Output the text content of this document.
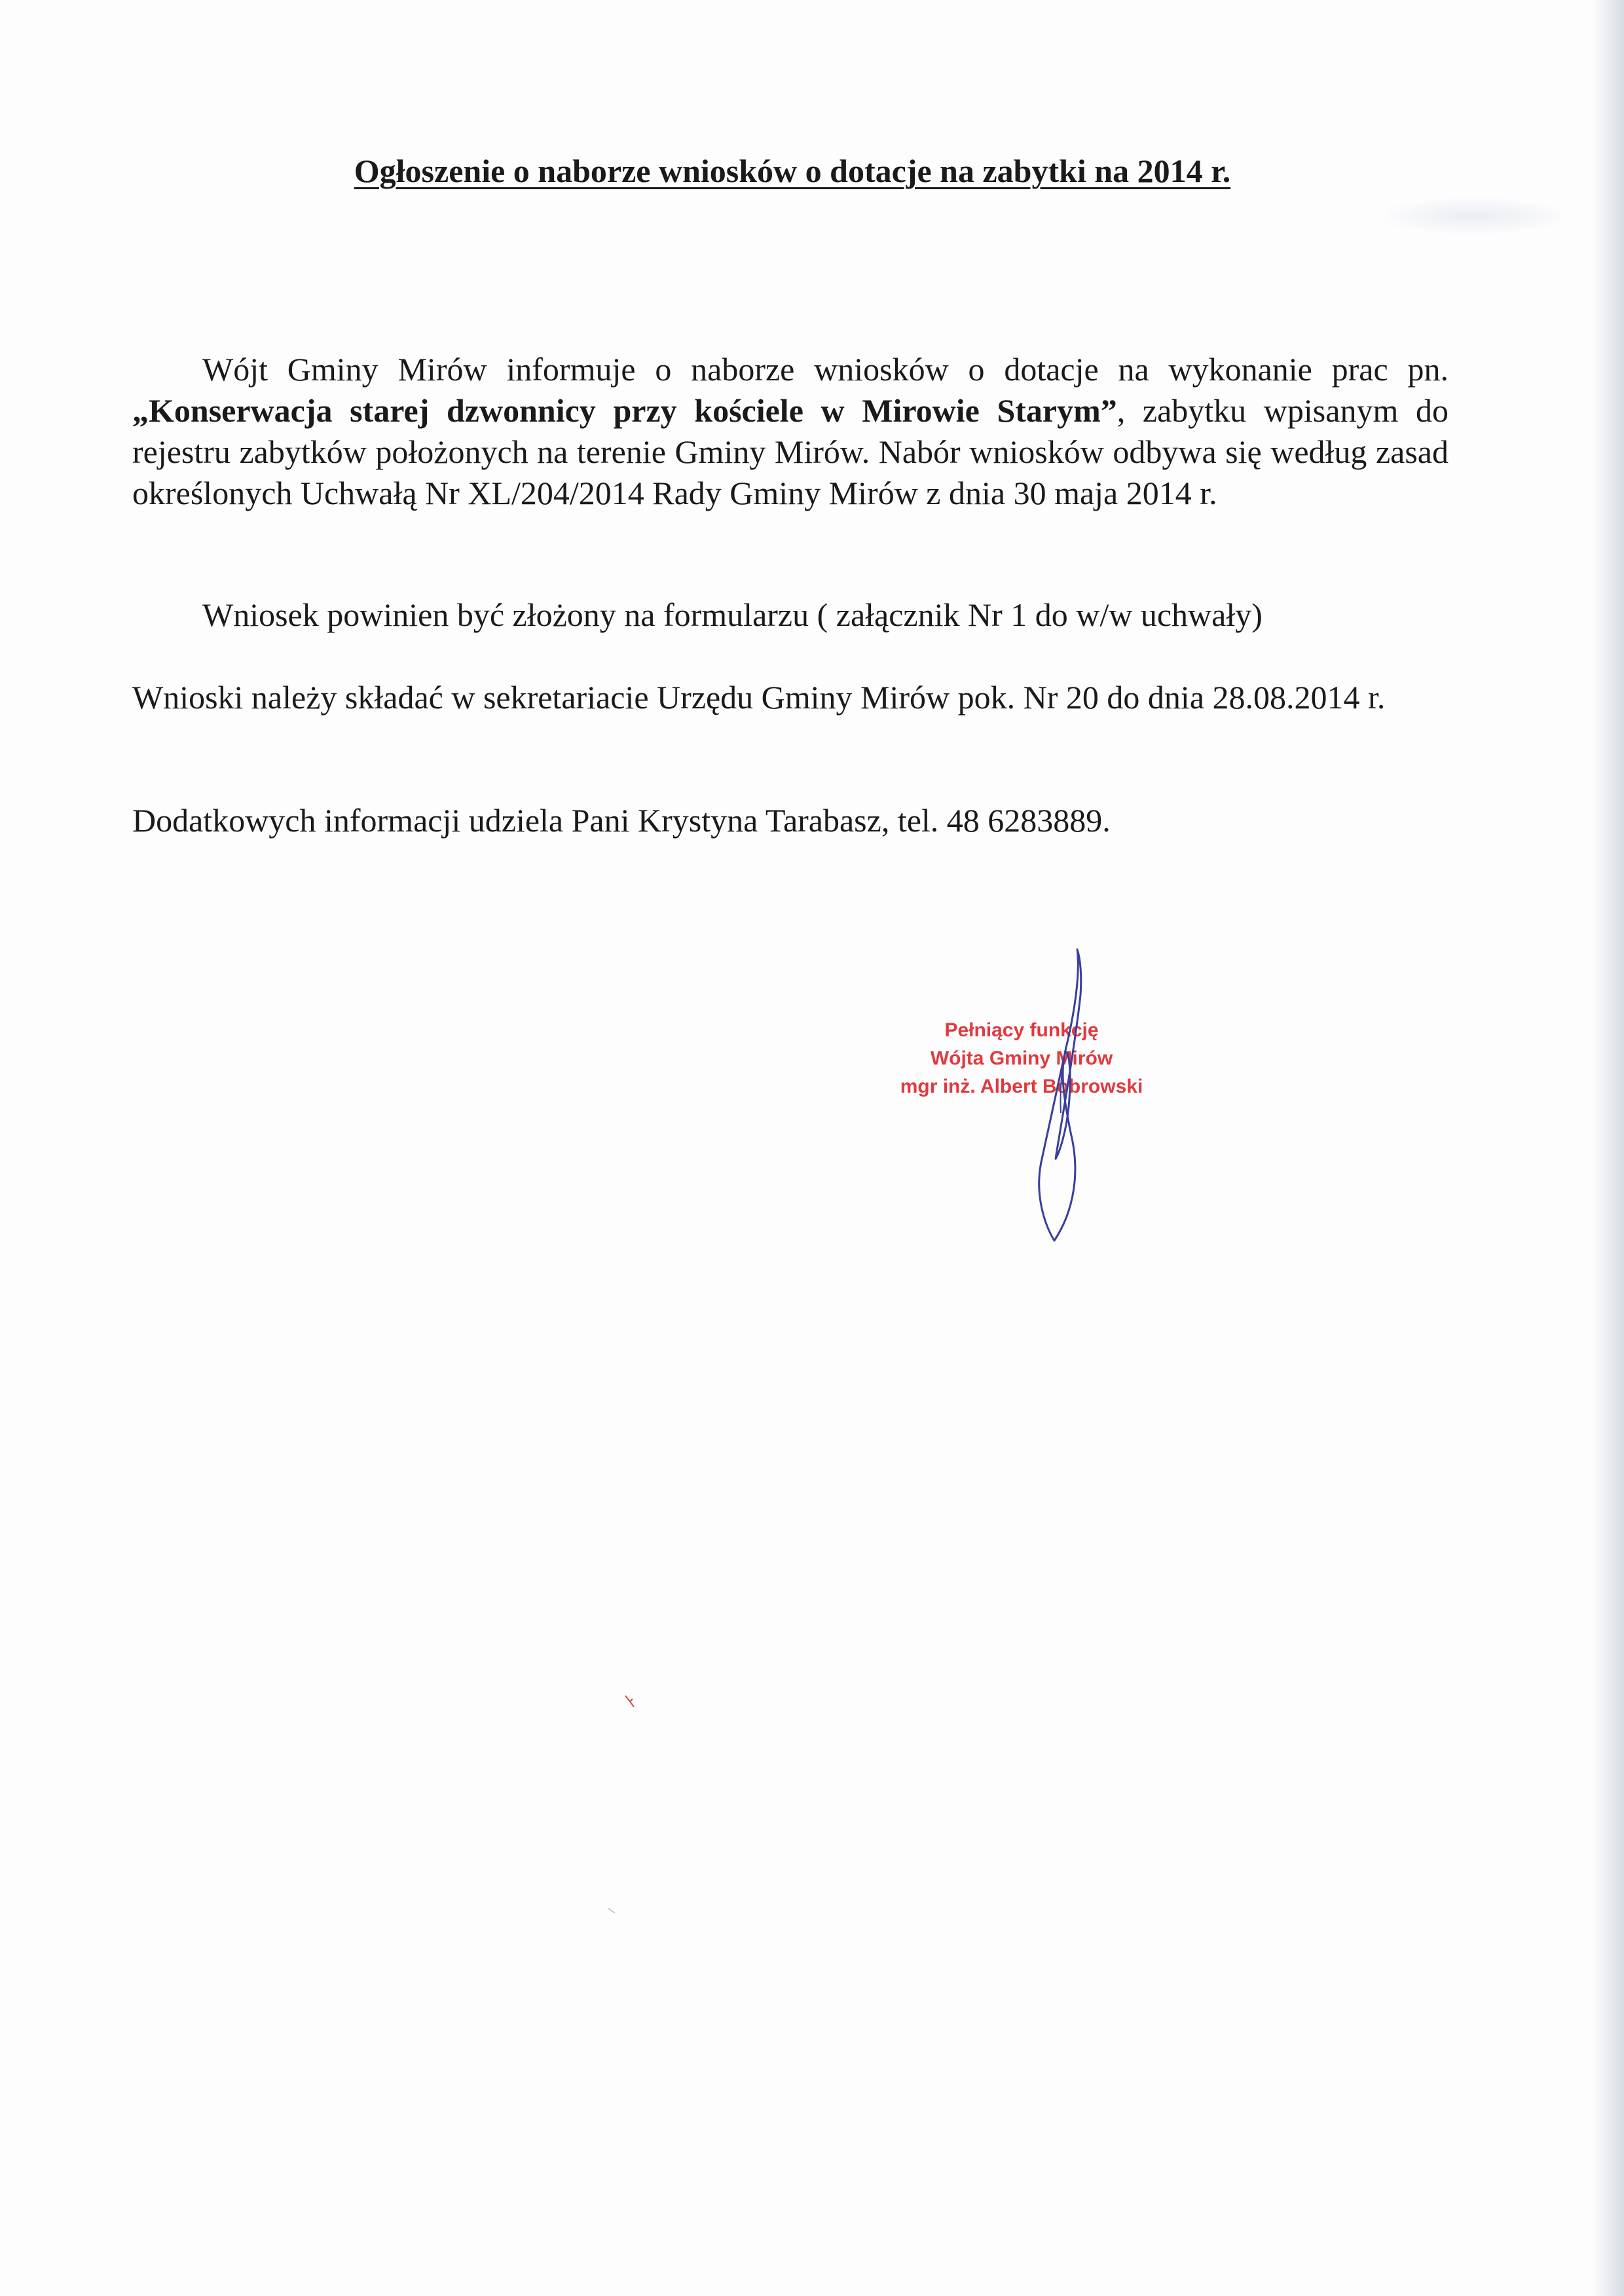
Ogłoszenie o naborze wniosków o dotacje na zabytki na 2014 r.

Wójt Gminy Mirów informuje o naborze wniosków o dotacje na wykonanie prac pn. „Konserwacja starej dzwonnicy przy kościele w Mirowie Starym”, zabytku wpisanym do rejestru zabytków położonych na terenie Gminy Mirów. Nabór wniosków odbywa się według zasad określonych Uchwałą Nr XL/204/2014 Rady Gminy Mirów z dnia 30 maja 2014 r.

Wniosek powinien być złożony na formularzu ( załącznik Nr 1 do w/w uchwały)

Wnioski należy składać w sekretariacie Urzędu Gminy Mirów pok. Nr 20 do dnia 28.08.2014 r.

Dodatkowych informacji udziela Pani Krystyna Tarabasz, tel. 48 6283889.

Pełniący funkcję
Wójta Gminy Mirów
mgr inż. Albert Bobrowski
